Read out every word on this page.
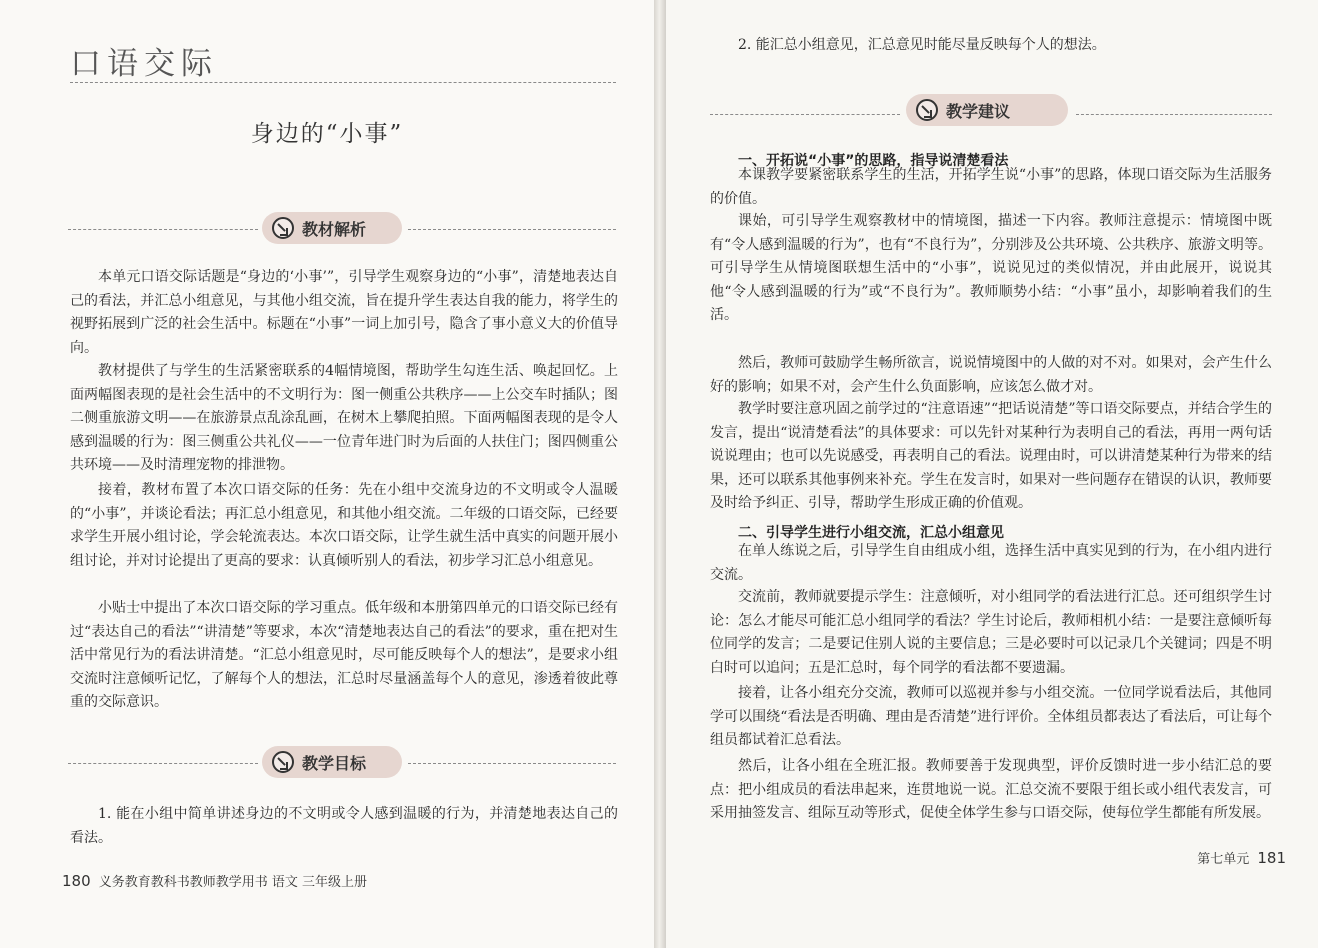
口语交际
身边的“小事”
教材解析
本单元口语交际话题是“身边的‘小事’”，引导学生观察身边的“小事”，清楚地表达自己的看法，并汇总小组意见，与其他小组交流，旨在提升学生表达自我的能力，将学生的视野拓展到广泛的社会生活中。标题在“小事”一词上加引号，隐含了事小意义大的价值导向。
教材提供了与学生的生活紧密联系的4幅情境图，帮助学生勾连生活、唤起回忆。上面两幅图表现的是社会生活中的不文明行为：图一侧重公共秩序——上公交车时插队；图二侧重旅游文明——在旅游景点乱涂乱画，在树木上攀爬拍照。下面两幅图表现的是令人感到温暖的行为：图三侧重公共礼仪——一位青年进门时为后面的人扶住门；图四侧重公共环境——及时清理宠物的排泄物。
接着，教材布置了本次口语交际的任务：先在小组中交流身边的不文明或令人温暖的“小事”，并谈论看法；再汇总小组意见，和其他小组交流。二年级的口语交际，已经要求学生开展小组讨论，学会轮流表达。本次口语交际，让学生就生活中真实的问题开展小组讨论，并对讨论提出了更高的要求：认真倾听别人的看法，初步学习汇总小组意见。
小贴士中提出了本次口语交际的学习重点。低年级和本册第四单元的口语交际已经有过“表达自己的看法”“讲清楚”等要求，本次“清楚地表达自己的看法”的要求，重在把对生活中常见行为的看法讲清楚。“汇总小组意见时，尽可能反映每个人的想法”，是要求小组交流时注意倾听记忆，了解每个人的想法，汇总时尽量涵盖每个人的意见，渗透着彼此尊重的交际意识。
教学目标
1. 能在小组中简单讲述身边的不文明或令人感到温暖的行为，并清楚地表达自己的看法。
180 义务教育教科书教师教学用书 语文 三年级上册
2. 能汇总小组意见，汇总意见时能尽量反映每个人的想法。
教学建议
一、开拓说“小事”的思路，指导说清楚看法
本课教学要紧密联系学生的生活，开拓学生说“小事”的思路，体现口语交际为生活服务的价值。
课始，可引导学生观察教材中的情境图，描述一下内容。教师注意提示：情境图中既有“令人感到温暖的行为”，也有“不良行为”，分别涉及公共环境、公共秩序、旅游文明等。可引导学生从情境图联想生活中的“小事”，说说见过的类似情况，并由此展开，说说其他“令人感到温暖的行为”或“不良行为”。教师顺势小结：“小事”虽小，却影响着我们的生活。
然后，教师可鼓励学生畅所欲言，说说情境图中的人做的对不对。如果对，会产生什么好的影响；如果不对，会产生什么负面影响，应该怎么做才对。
教学时要注意巩固之前学过的“注意语速”“把话说清楚”等口语交际要点，并结合学生的发言，提出“说清楚看法”的具体要求：可以先针对某种行为表明自己的看法，再用一两句话说说理由；也可以先说感受，再表明自己的看法。说理由时，可以讲清楚某种行为带来的结果，还可以联系其他事例来补充。学生在发言时，如果对一些问题存在错误的认识，教师要及时给予纠正、引导，帮助学生形成正确的价值观。
二、引导学生进行小组交流，汇总小组意见
在单人练说之后，引导学生自由组成小组，选择生活中真实见到的行为，在小组内进行交流。
交流前，教师就要提示学生：注意倾听，对小组同学的看法进行汇总。还可组织学生讨论：怎么才能尽可能汇总小组同学的看法？学生讨论后，教师相机小结：一是要注意倾听每位同学的发言；二是要记住别人说的主要信息；三是必要时可以记录几个关键词；四是不明白时可以追问；五是汇总时，每个同学的看法都不要遗漏。
接着，让各小组充分交流，教师可以巡视并参与小组交流。一位同学说看法后，其他同学可以围绕“看法是否明确、理由是否清楚”进行评价。全体组员都表达了看法后，可让每个组员都试着汇总看法。
然后，让各小组在全班汇报。教师要善于发现典型，评价反馈时进一步小结汇总的要点：把小组成员的看法串起来，连贯地说一说。汇总交流不要限于组长或小组代表发言，可采用抽签发言、组际互动等形式，促使全体学生参与口语交际，使每位学生都能有所发展。
第七单元 181
